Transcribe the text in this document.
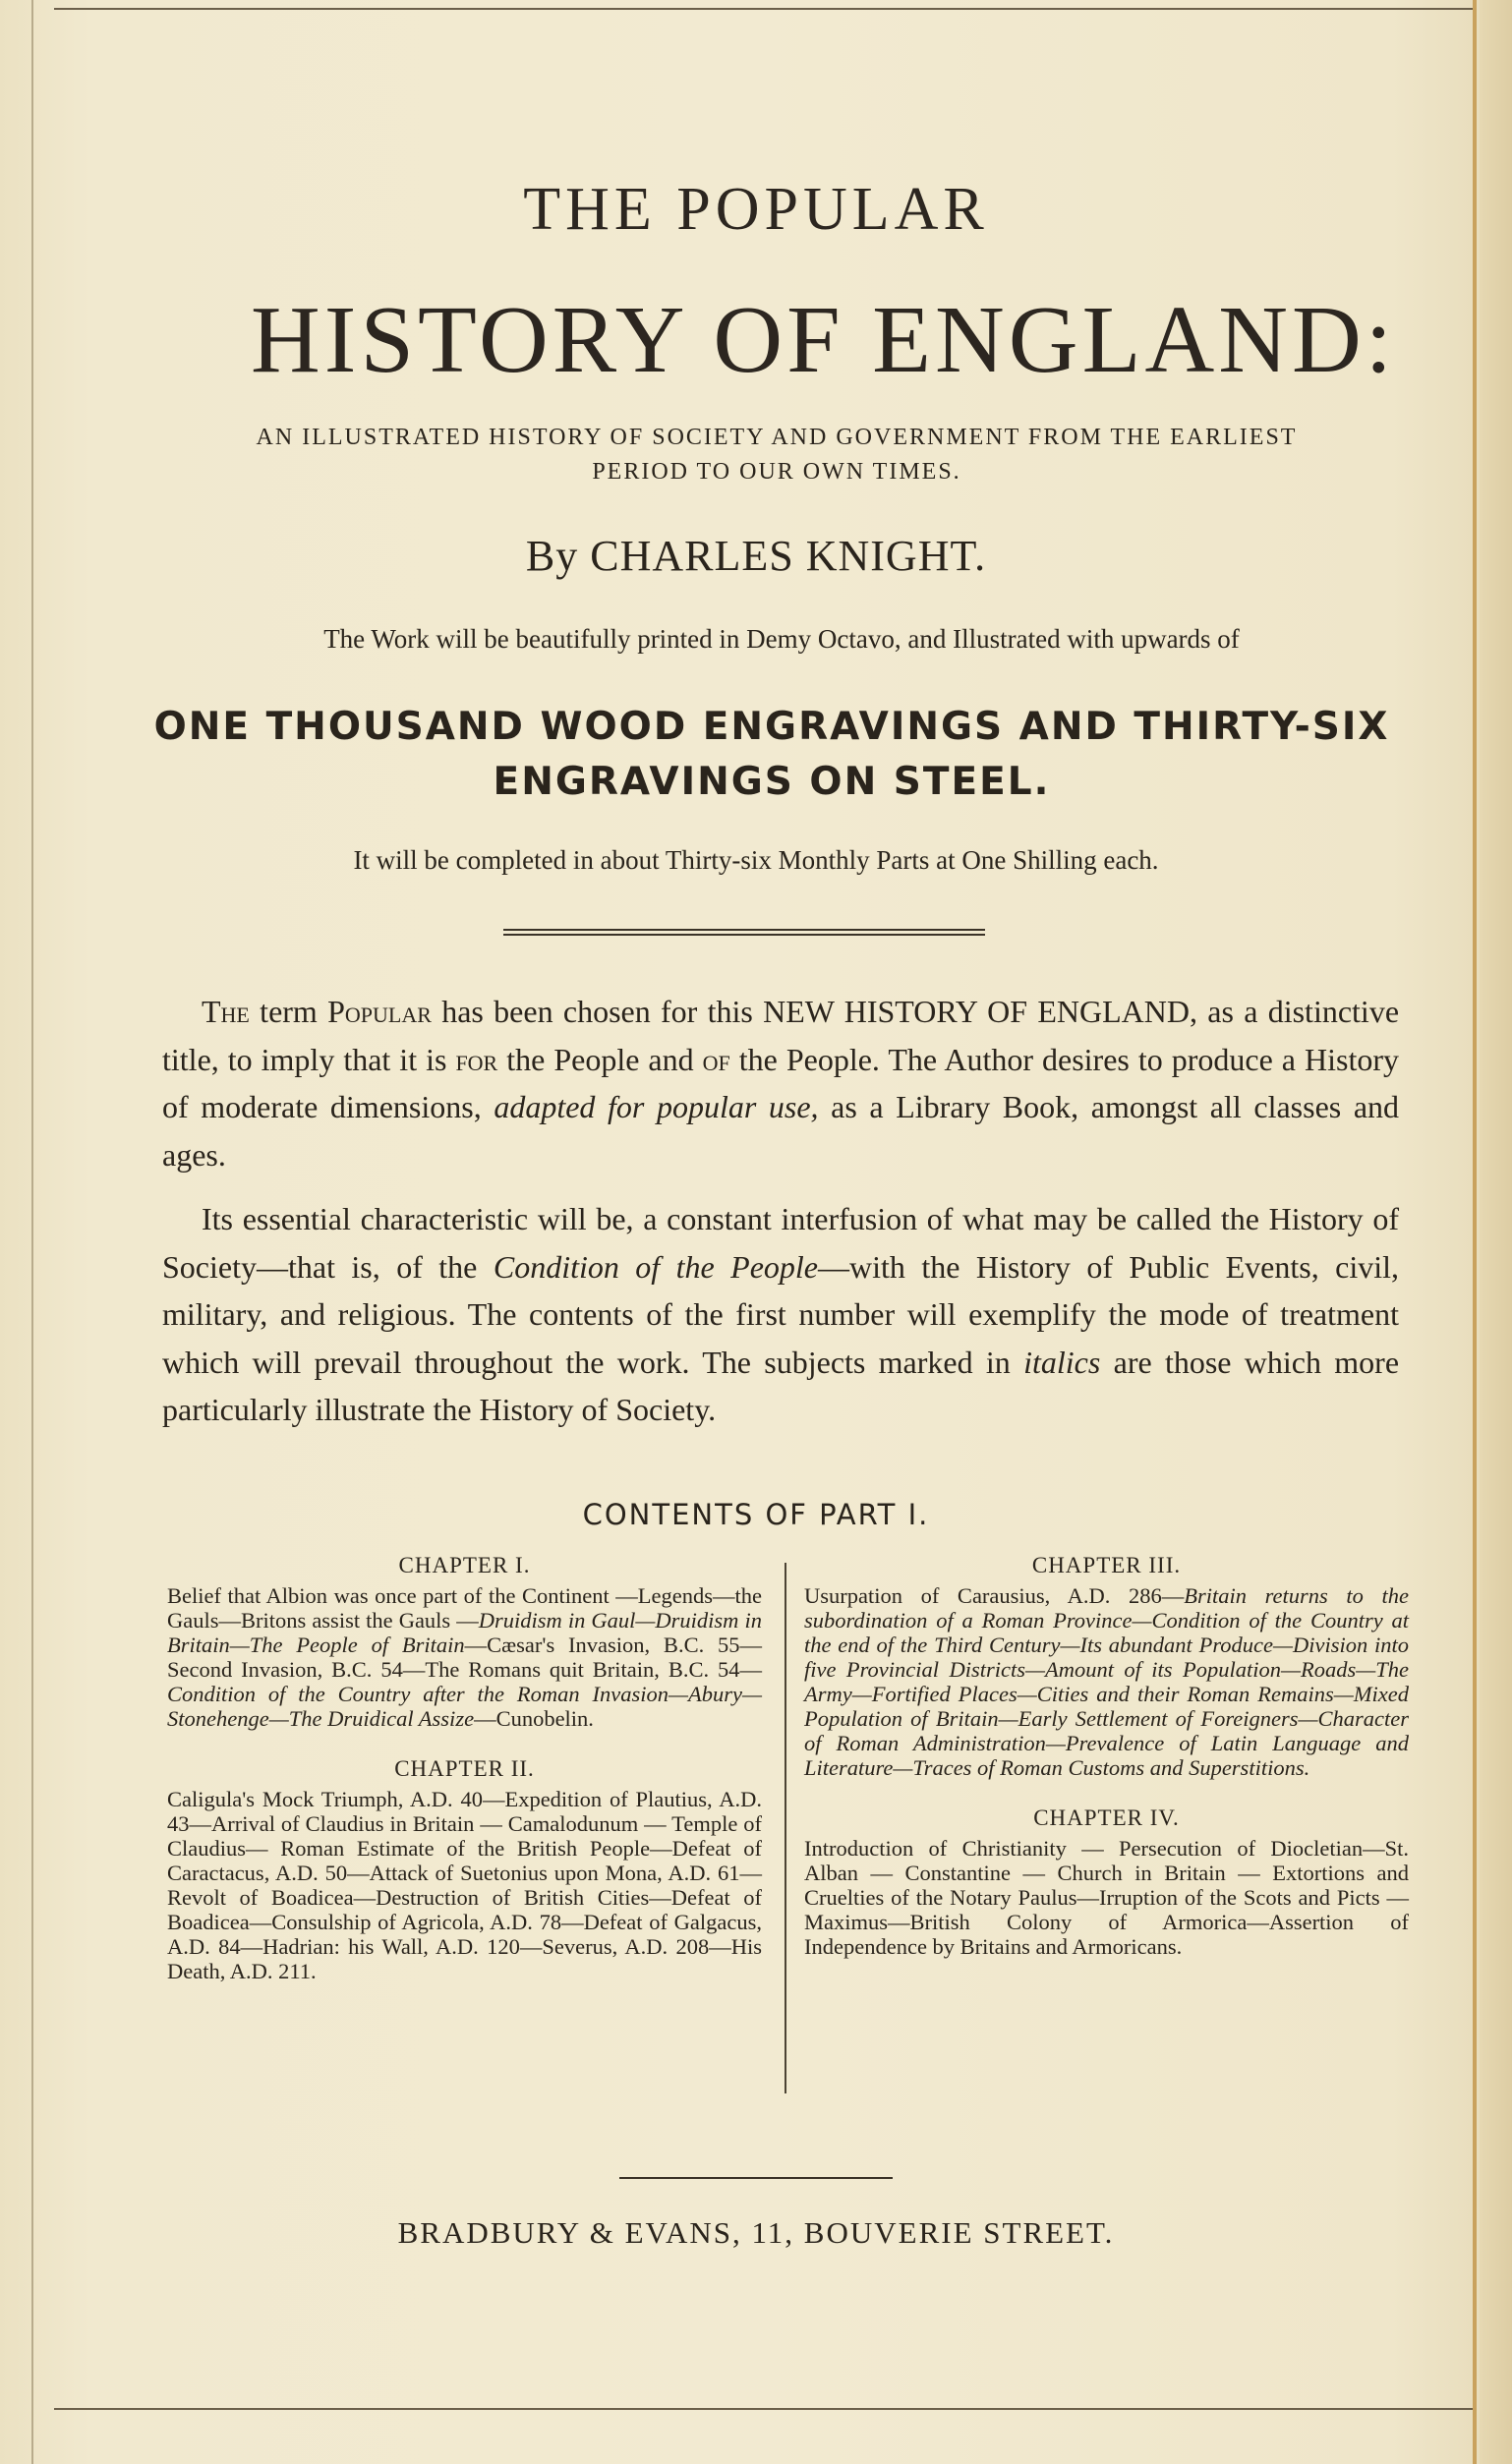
THE POPULAR
HISTORY OF ENGLAND:
AN ILLUSTRATED HISTORY OF SOCIETY AND GOVERNMENT FROM THE EARLIEST PERIOD TO OUR OWN TIMES.
By CHARLES KNIGHT.
The Work will be beautifully printed in Demy Octavo, and Illustrated with upwards of
ONE THOUSAND WOOD ENGRAVINGS AND THIRTY-SIX ENGRAVINGS ON STEEL.
It will be completed in about Thirty-six Monthly Parts at One Shilling each.
The term Popular has been chosen for this NEW HISTORY OF ENGLAND, as a distinctive title, to imply that it is for the People and of the People. The Author desires to produce a History of moderate dimensions, adapted for popular use, as a Library Book, amongst all classes and ages.
Its essential characteristic will be, a constant interfusion of what may be called the History of Society—that is, of the Condition of the People—with the History of Public Events, civil, military, and religious. The contents of the first number will exemplify the mode of treatment which will prevail throughout the work. The subjects marked in italics are those which more particularly illustrate the History of Society.
CONTENTS OF PART I.
CHAPTER I.

Belief that Albion was once part of the Continent —Legends—the Gauls—Britons assist the Gauls —Druidism in Gaul—Druidism in Britain—The People of Britain—Cæsar's Invasion, B.C. 55—Second Invasion, B.C. 54—The Romans quit Britain, B.C. 54—Condition of the Country after the Roman Invasion—Abury—Stonehenge—The Druidical Assize—Cunobelin.

CHAPTER II.

Caligula's Mock Triumph, A.D. 40—Expedition of Plautius, A.D. 43—Arrival of Claudius in Britain — Camalodunum — Temple of Claudius— Roman Estimate of the British People—Defeat of Caractacus, A.D. 50—Attack of Suetonius upon Mona, A.D. 61—Revolt of Boadicea—Destruction of British Cities—Defeat of Boadicea—Consulship of Agricola, A.D. 78—Defeat of Galgacus, A.D. 84—Hadrian: his Wall, A.D. 120—Severus, A.D. 208—His Death, A.D. 211.

CHAPTER III.

Usurpation of Carausius, A.D. 286—Britain returns to the subordination of a Roman Province—Condition of the Country at the end of the Third Century—Its abundant Produce—Division into five Provincial Districts—Amount of its Population—Roads—The Army—Fortified Places—Cities and their Roman Remains—Mixed Population of Britain—Early Settlement of Foreigners—Character of Roman Administration—Prevalence of Latin Language and Literature—Traces of Roman Customs and Superstitions.

CHAPTER IV.

Introduction of Christianity — Persecution of Diocletian—St. Alban — Constantine — Church in Britain — Extortions and Cruelties of the Notary Paulus—Irruption of the Scots and Picts —Maximus—British Colony of Armorica—Assertion of Independence by Britains and Armoricans.

BRADBURY & EVANS, 11, BOUVERIE STREET.
